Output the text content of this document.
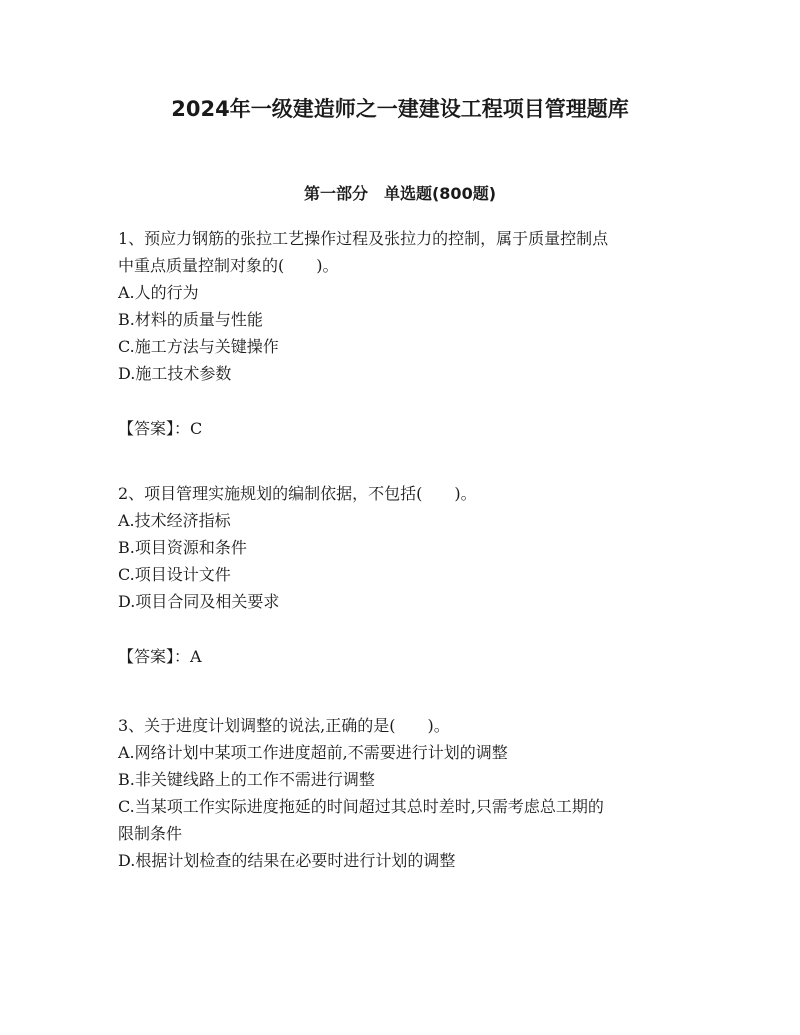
2024年一级建造师之一建建设工程项目管理题库
第一部分　单选题(800题)
1、预应力钢筋的张拉工艺操作过程及张拉力的控制，属于质量控制点
中重点质量控制对象的(　　)。
A.人的行为
B.材料的质量与性能
C.施工方法与关键操作
D.施工技术参数
【答案】：C
2、项目管理实施规划的编制依据，不包括(　　)。
A.技术经济指标
B.项目资源和条件
C.项目设计文件
D.项目合同及相关要求
【答案】：A
3、关于进度计划调整的说法,正确的是(　　)。
A.网络计划中某项工作进度超前,不需要进行计划的调整
B.非关键线路上的工作不需进行调整
C.当某项工作实际进度拖延的时间超过其总时差时,只需考虑总工期的
限制条件
D.根据计划检查的结果在必要时进行计划的调整
